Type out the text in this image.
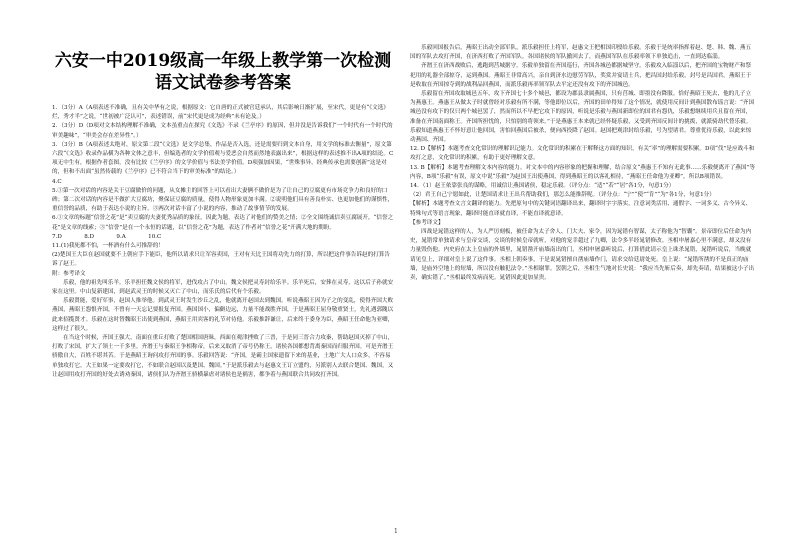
六安一中2019级高一年级上教学第一次检测
语文试卷参考答案

1．（3分）A（A项表述不准确，且有关中华有之说，根据原文：它自唐的正式被官廷承认，其后影响日渐扩展，至宋代，更是有“《文选》烂，秀才半”之说，“世初被广泛认可”，表述错误，前“宋代更是成为经典”未有论及。）

2．（3分）D（D项对文本结构理解不准确，文本虽重点在探究《文选》不录《兰亭序》的原因，但并没是告诉我们“一个时代有一个时代的审美趣味”，“审美会存在差异性”。）

3．（3分）B（A项表述太绝对，原文第二段“《文选》是文学总集，作品是否入选，还是需要归到文本自身，用文学的标准去衡量”，原文第六段“《文选》收录作品横为各种文体之意丰，但编选者的文学价值观与爱恶会自然而然地表露出来”，根据这样的表述推不出A项的结论。C项无中生有，根据作者套图，没有比较《兰亭序》的文学价值与书法美学价值。D项强加因果，“世殊事异，经典传承也需要创新”这是对的，但和不出面“虽然传载的《兰亭序》已不符合当下的审美标准”的结论。）

4.C

5.①第一次对话的内容是关于豆腐做价的问题，从女摊主的回答上可以看出大妻俩不做价是为了让自己的豆腐更有市场竞争力和良好的口碑；第二次对话的内容是不做扩大豆腐坊，聚保证豆腐的质量，使得人物形象更加丰满。②说明他们具有善良朴实、也更加他们的谨慎性，重信誉的品质，有助于表达小说的主旨。③两次对话丰富了小说的内容，推动了故事情节的发展。

6.①文章的标题“信誉之花”是“卖豆腐的夫妻优秀品质的象征，因此为题，表达了对他们的赞美之情；②全文围绕诚信卖豆腐展开，“信誉之花”是文章的线索；③“信誉”是在一个永恒的话题，以“信誉之花”为题，表达了作者对“信誉之花”开满大地的期盼。

7.D　　　　8.D　　　　9.A　　　　10.C

11.(1)我死都不怕，一杯酒有什么可推辞的！

(2)楚国王大臣在赵国就要不上朝应手下能臣，他所以请求只让军容卖国，王对有天比王国将功先力的打算，所以把这件事告诉赵的打算告诉了赵王。

附：参考译文

乐毅，他的祖先叫乐羊。乐羊担任魏文侯的将军，进伐攻占了中山。魏文侯把灵寿封给乐羊。乐羊死后，安葬在灵寿，这以后子孙就安家在这里。中山复新建国，到赵武灵王的时候又灭亡了中山，而乐氏的后代有个乐毅。

乐毅贤能，爱好军事，赵国人推举他。到武灵王时发生沙丘之乱，他就离开赵国去到魏国。听说燕昭王因为子之的变乱，使得齐国大败燕国，燕昭王怨恨齐国，不曾有一天忘记要报复齐国。燕国国小，偏僻边远，力量不能战胜齐国，于是燕昭王屈身敬重贤士，先礼遇郭隗以此来招揽贤才。乐毅在这时替魏昭王出使到燕国，燕昭王用宾客的礼节对待他。乐毅推辞谦让，后来终于委身为臣，燕昭王任命他为亚卿，这样过了很久。

在当这个时候，齐国王强大，南面在重丘打败了楚国相国唐昧，西面在观津挫败了三晋，于是同三晋合力攻秦，帮助赵国灭掉了中山，打败了宋国，扩大了领土一千多里。齐湣王与秦昭王争相称帝，后来又取消了帝号仍称王，诸侯各国都想背离秦国而归服齐国。可是齐湣王骄傲自大，百姓不堪其苦。于是燕昭王询问攻打齐国的事。乐毅回答说：“齐国，是霸主国家遗留下来的基业，土地广大人口众多，不容易单独攻打它。大王如果一定要攻打它，不如联合赵国以及楚国、魏国。”于是派乐毅去与赵惠文王订立盟约，另派别人去联合楚国、魏国，又让赵国用攻打齐国的好处去诱劝秦国，诸侯们认为齐湣王骄横暴虐对诸侯也是祸害，都争着与燕国联合共同攻打齐国。

乐毅回国报告后，燕昭王出动全部军队，派乐毅担任上将军，赵惠文王把相国印授给乐毅。乐毅于是统率指挥着赵、楚、韩、魏、燕五国的军队去攻打齐国，在济西打败了齐国军队。各国诸侯的军队撤回去了，而燕国军队在乐毅率领下单独追击，一直到达临淄。

齐湣王在济西战败后，逃跑到莒城据守。乐毅单独留在齐国巡行，齐国各城邑都据城坚守。乐毅攻入临淄以后，把齐国的宝物财产和祭祀用的礼器全部掠夺，运到燕国。燕昭王非常高兴，亲自到济水边慰劳军队，奖赏并宴请士兵，把昌国封给乐毅，封号是昌国君。燕昭王于是收取在齐国掠夺到的战利品回燕国，而派乐毅再率领军队去平定还没有攻下的齐国城邑。

乐毅留在齐国攻取城邑五年，攻下齐国七十多个城邑，都设为郡县隶属燕国，只有莒城、即墨没有降服。恰好燕昭王死去，他的儿子立为燕惠王。燕惠王从做太子时就曾经对乐毅有所不满，等他即位以后，齐国的田单得知了这个情况，就使用反间计到燕国散布谣言说：“齐国城邑没有攻下的仅只两个城邑罢了，然而所以不早把它攻下的原因，听说是乐毅与燕国新即位的国君有怨仇，乐毅想继续用兵且留在齐国，准备在齐国南面称王。齐国所担忧的，只怕别的将领来。”于是燕惠王本来就已经怀疑乐毅，又受到齐国反间计的挑拨，就派骑劫代替乐毅。乐毅知道燕惠王不怀好意让他回国，害怕回燕国后被杀，便向西投降了赵国。赵国把观津封给乐毅，号为望诸君。尊重优待乐毅，以此来惊动燕国、齐国。

12. D【解析】本题考查文化常识的理解识记能力。文化常识的积累在于解释这方面的知识，有关“率”的理解需要积累。D项“伐”是应战斗和攻打之意，文化常识的积累，有助于更好理解文意。

13. B【解析】本题考查理解文本内容的能力。对文本中的内容形象的把握和理解，结合原文“燕惠王不知有无此事……乐毅便离开了燕国”等内容，B项“乐毅”有误，原文中说“乐毅”为赵国王出使燕国，得到燕昭王的以客礼相待，“燕昭王任命他为亚卿”，所以B项错误。

14．（1）赵王依靠张良的谋略，用诚信让燕国诸侯，稳定乐毅。（评分点：“适”“若”“居”各1分，句意1分）

（2）君王自己宁愿如此，让楚国请求让王出兵帮助我们，那怎么能推辞呢。（评分点：“宁”“使”“肯”“为”各1分，句意1分）

【解析】本题考查文言文翻译的能力。先把原句中的关键词语翻译出来，翻译时字字落实，注意词类活用、通假字、一词多义、古今异义、特殊句式等语言现象，翻译时能直译就直译，不能直译就意译。

【参考译文】

四战是晁错这样的人，为人严厉刻板，被任命为太子舍人、门大夫、家令，因为晁错有智谋，太子称他为“智囊”。景帝即位后任命为内史，晁错常单独请求与皇帝交谈，交谈的时候皇帝就听，对他的宠幸超过了九卿，法令多半经晁错修改。丞相申屠嘉心里不满意，却又没有力量毁伤他。内史府在太上皇庙的外墙里，晁错凿开庙墙南出的门，丞相申屠嘉听说后，打算借此请示皇上诛杀晁错，晁错听说后，当晚就请见皇上，详细对皇上说了这件事。丞相上朝奏事，于是说晁错擅自凿庙墙作门，请求交给廷尉处死。皇上说：“晁错所凿的不是真正的庙墙，是庙外空地上的短墙，所以没有触犯法令。”丞相谢罪。罢朝之后，丞相生气地对长史说：“我应当先斩后奏，却先奏请，结果被这小子出卖，确实错了。”丞相最终发病而死。晁错因此更加显贵。

1
